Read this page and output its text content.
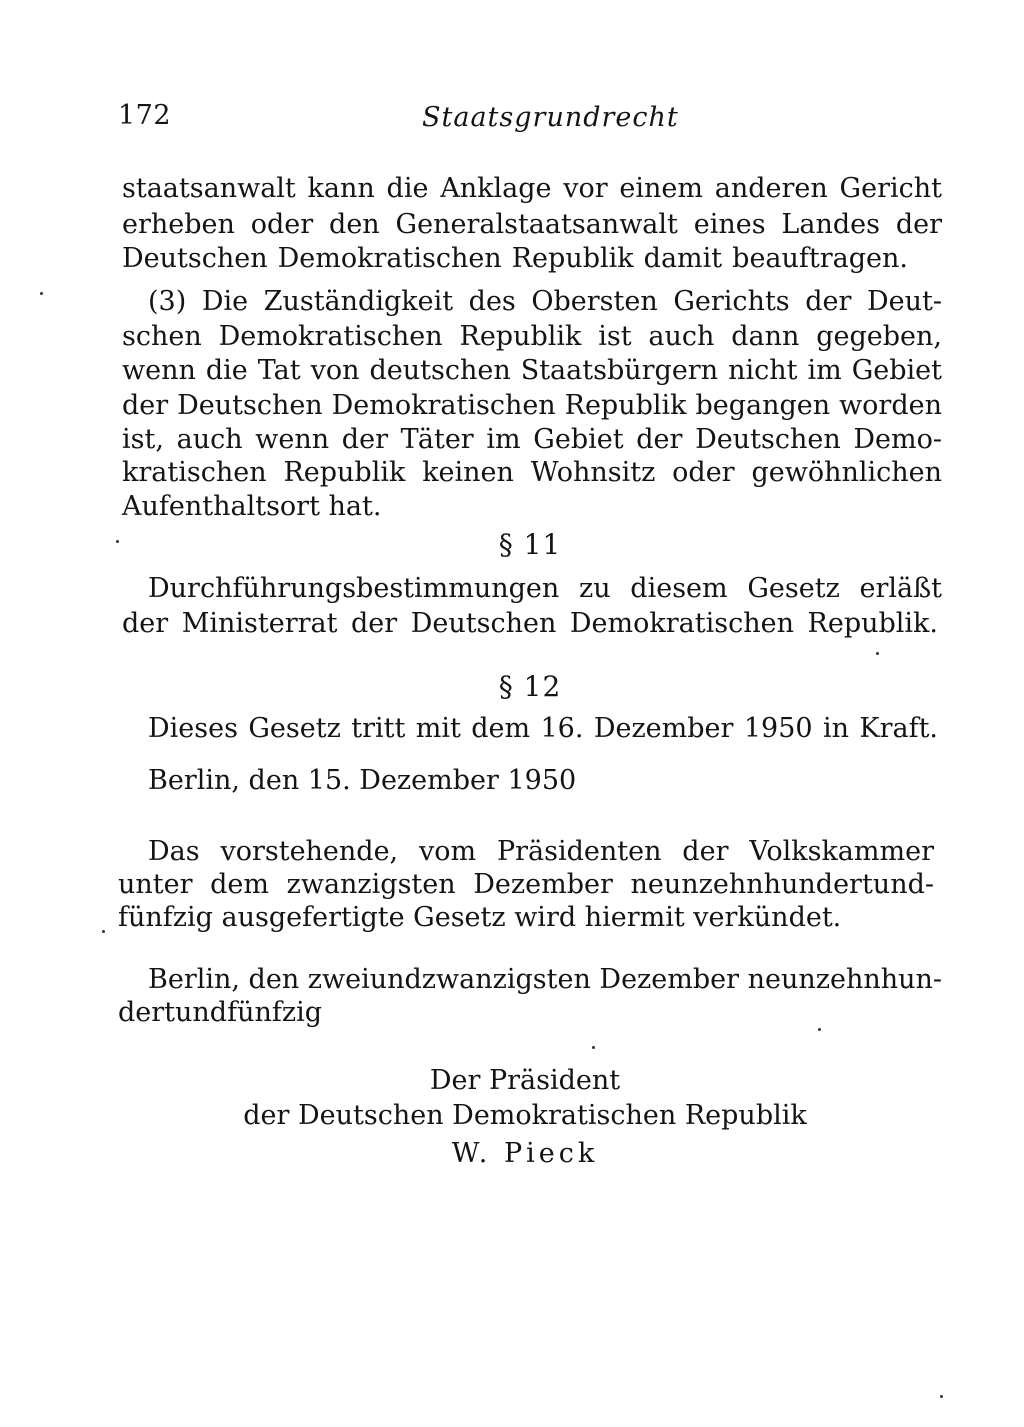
172	Staatsgrundrecht
staatsanwalt kann die Anklage vor einem anderen Gericht
erheben oder den Generalstaatsanwalt eines Landes der
Deutschen Demokratischen Republik damit beauftragen.
(3) Die Zuständigkeit des Obersten Gerichts der Deut-
schen Demokratischen Republik ist auch dann gegeben,
wenn die Tat von deutschen Staatsbürgern nicht im Gebiet
der Deutschen Demokratischen Republik begangen worden
ist, auch wenn der Täter im Gebiet der Deutschen Demo-
kratischen Republik keinen Wohnsitz oder gewöhnlichen
Aufenthaltsort hat.
§ 11
Durchführungsbestimmungen zu diesem Gesetz erläßt
der Ministerrat der Deutschen Demokratischen Republik.
§ 12
Dieses Gesetz tritt mit dem 16. Dezember 1950 in Kraft.
Berlin, den 15. Dezember 1950
Das vorstehende, vom Präsidenten der Volkskammer
unter dem zwanzigsten Dezember neunzehnhundertund-
fünfzig ausgefertigte Gesetz wird hiermit verkündet.
Berlin, den zweiundzwanzigsten Dezember neunzehnhun-
dertundfünfzig
Der Präsident
der Deutschen Demokratischen Republik
W. Pieck
